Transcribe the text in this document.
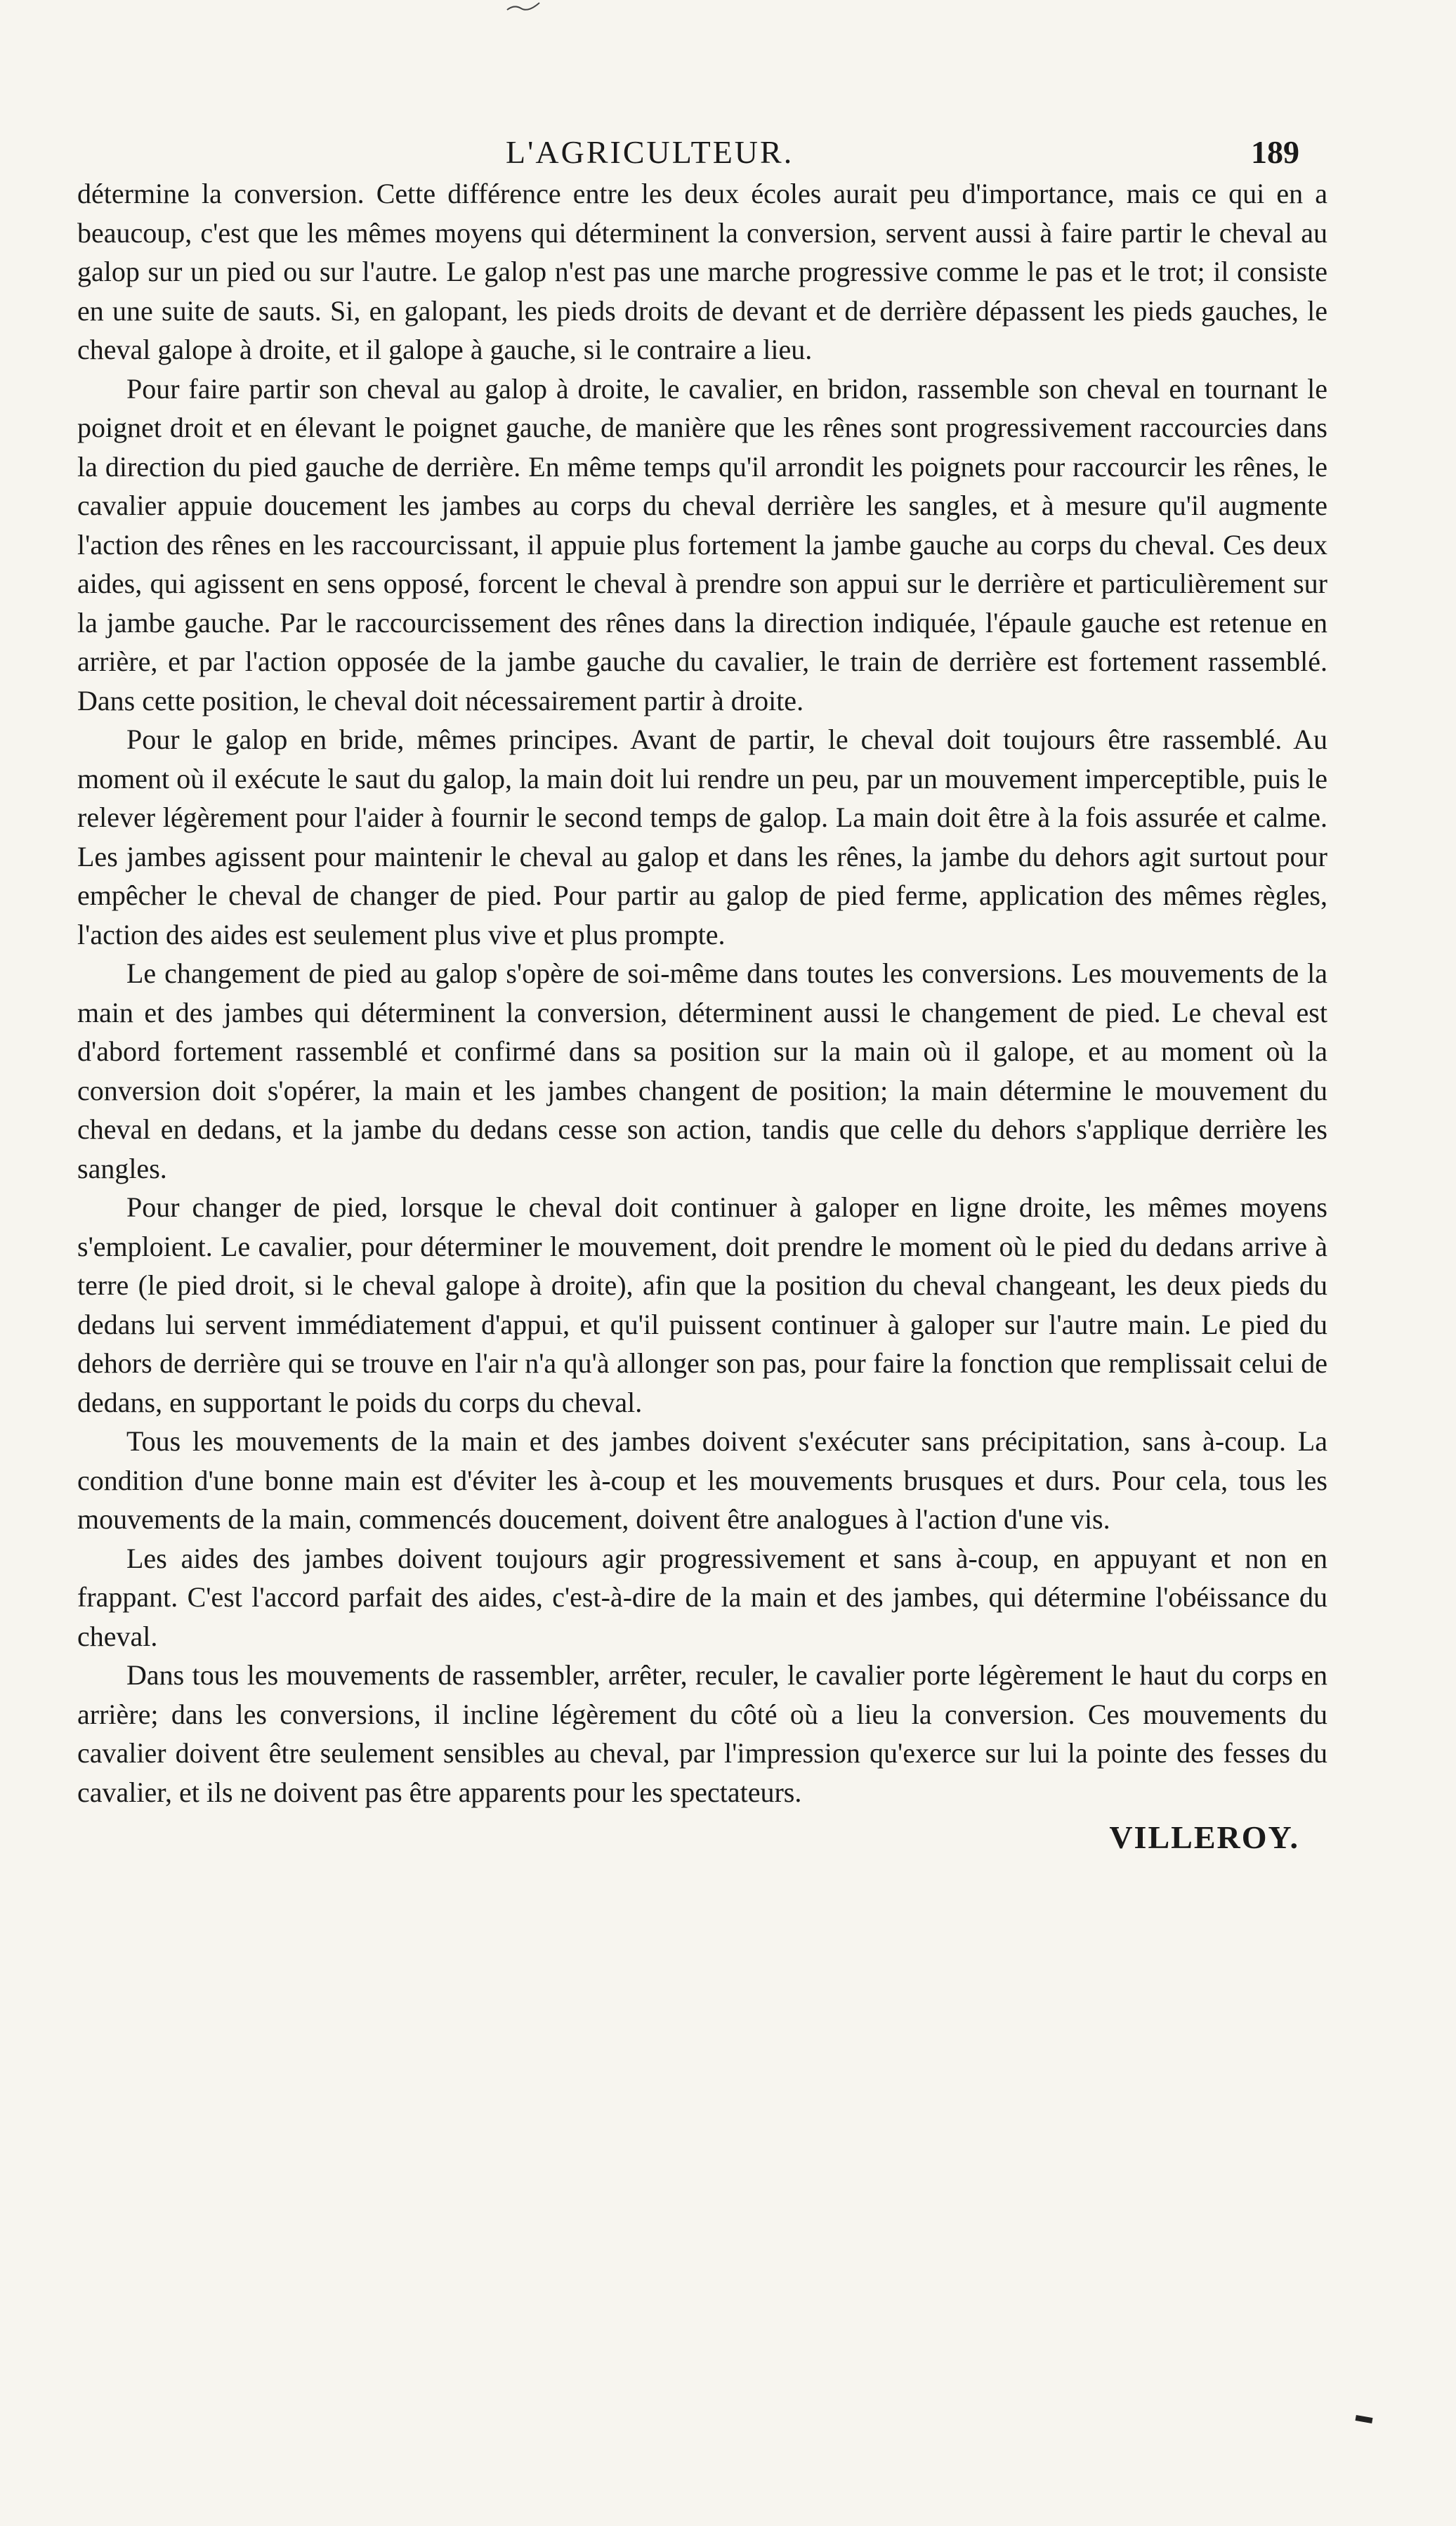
L'AGRICULTEUR.	189

détermine la conversion. Cette différence entre les deux écoles aurait peu d'importance, mais ce qui en a beaucoup, c'est que les mêmes moyens qui déterminent la conversion, servent aussi à faire partir le cheval au galop sur un pied ou sur l'autre. Le galop n'est pas une marche progressive comme le pas et le trot; il consiste en une suite de sauts. Si, en galopant, les pieds droits de devant et de derrière dépassent les pieds gauches, le cheval galope à droite, et il galope à gauche, si le contraire a lieu.

Pour faire partir son cheval au galop à droite, le cavalier, en bridon, rassemble son cheval en tournant le poignet droit et en élevant le poignet gauche, de manière que les rênes sont progressivement raccourcies dans la direction du pied gauche de derrière. En même temps qu'il arrondit les poignets pour raccourcir les rênes, le cavalier appuie doucement les jambes au corps du cheval derrière les sangles, et à mesure qu'il augmente l'action des rênes en les raccourcissant, il appuie plus fortement la jambe gauche au corps du cheval. Ces deux aides, qui agissent en sens opposé, forcent le cheval à prendre son appui sur le derrière et particulièrement sur la jambe gauche. Par le raccourcissement des rênes dans la direction indiquée, l'épaule gauche est retenue en arrière, et par l'action opposée de la jambe gauche du cavalier, le train de derrière est fortement rassemblé. Dans cette position, le cheval doit nécessairement partir à droite.

Pour le galop en bride, mêmes principes. Avant de partir, le cheval doit toujours être rassemblé. Au moment où il exécute le saut du galop, la main doit lui rendre un peu, par un mouvement imperceptible, puis le relever légèrement pour l'aider à fournir le second temps de galop. La main doit être à la fois assurée et calme. Les jambes agissent pour maintenir le cheval au galop et dans les rênes, la jambe du dehors agit surtout pour empêcher le cheval de changer de pied. Pour partir au galop de pied ferme, application des mêmes règles, l'action des aides est seulement plus vive et plus prompte.

Le changement de pied au galop s'opère de soi-même dans toutes les conversions. Les mouvements de la main et des jambes qui déterminent la conversion, déterminent aussi le changement de pied. Le cheval est d'abord fortement rassemblé et confirmé dans sa position sur la main où il galope, et au moment où la conversion doit s'opérer, la main et les jambes changent de position; la main détermine le mouvement du cheval en dedans, et la jambe du dedans cesse son action, tandis que celle du dehors s'applique derrière les sangles.

Pour changer de pied, lorsque le cheval doit continuer à galoper en ligne droite, les mêmes moyens s'emploient. Le cavalier, pour déterminer le mouvement, doit prendre le moment où le pied du dedans arrive à terre (le pied droit, si le cheval galope à droite), afin que la position du cheval changeant, les deux pieds du dedans lui servent immédiatement d'appui, et qu'il puissent continuer à galoper sur l'autre main. Le pied du dehors de derrière qui se trouve en l'air n'a qu'à allonger son pas, pour faire la fonction que remplissait celui de dedans, en supportant le poids du corps du cheval.

Tous les mouvements de la main et des jambes doivent s'exécuter sans précipitation, sans à-coup. La condition d'une bonne main est d'éviter les à-coup et les mouvements brusques et durs. Pour cela, tous les mouvements de la main, commencés doucement, doivent être analogues à l'action d'une vis.

Les aides des jambes doivent toujours agir progressivement et sans à-coup, en appuyant et non en frappant. C'est l'accord parfait des aides, c'est-à-dire de la main et des jambes, qui détermine l'obéissance du cheval.

Dans tous les mouvements de rassembler, arrêter, reculer, le cavalier porte légèrement le haut du corps en arrière; dans les conversions, il incline légèrement du côté où a lieu la conversion. Ces mouvements du cavalier doivent être seulement sensibles au cheval, par l'impression qu'exerce sur lui la pointe des fesses du cavalier, et ils ne doivent pas être apparents pour les spectateurs.

VILLEROY.
